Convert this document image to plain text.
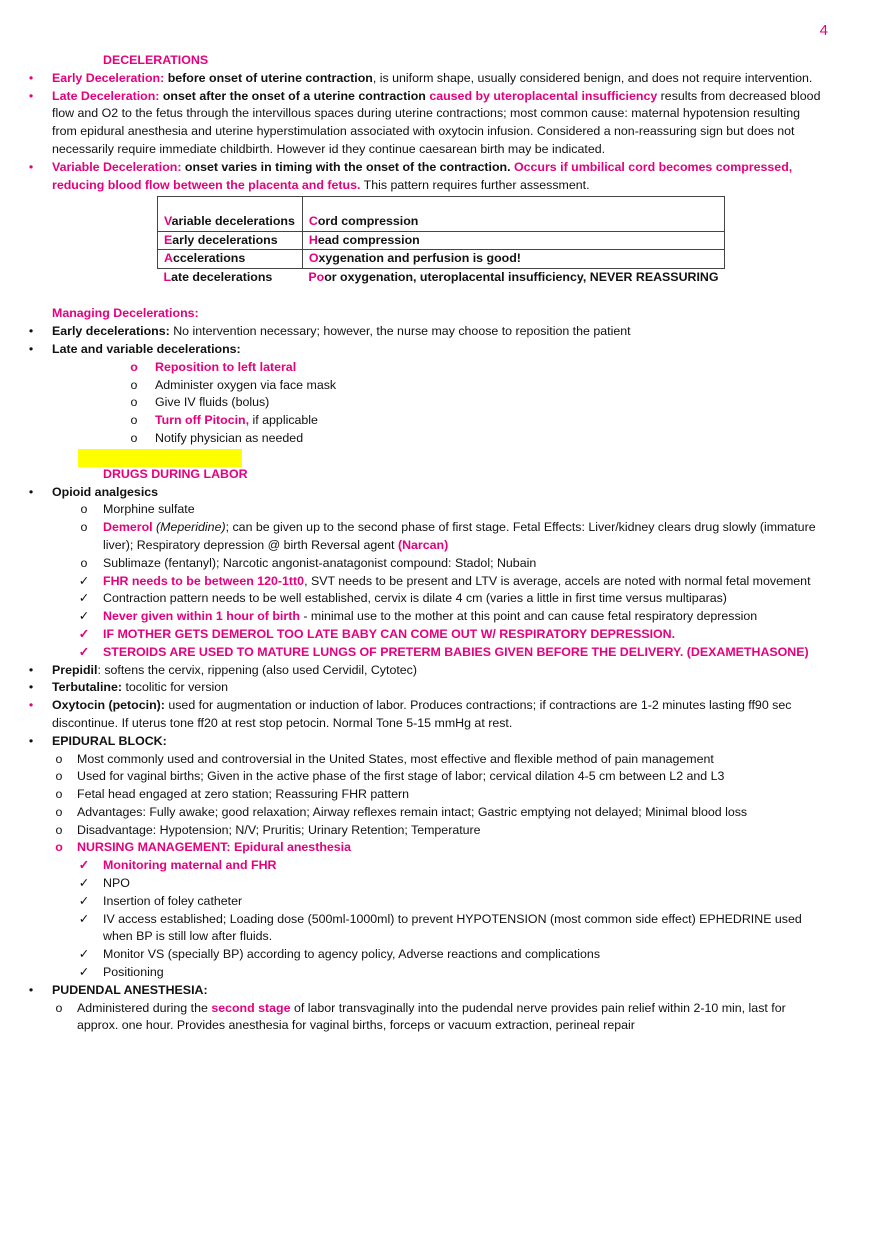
4
DECELERATIONS
•	Early Deceleration: before onset of uterine contraction, is uniform shape, usually considered benign, and does not require intervention.
•	Late Deceleration: onset after the onset of a uterine contraction caused by uteroplacental insufﬁciency results from decreased blood flow and O2 to the fetus through the intervillous spaces during uterine contractions; most common cause: maternal hypotension resulting from epidural anesthesia and uterine hyperstimulation associated with oxytocin infusion. Considered a non-reassuring sign but does not necessarily require immediate childbirth. However id they continue caesarean birth may be indicated.
•	Variable Deceleration: onset varies in timing with the onset of the contraction. Occurs if umbilical cord becomes compressed, reducing blood flow between the placenta and fetus. This pattern requires further assessment.
Variable decelerations	Cord compression
Early decelerations	Head compression
Accelerations	Oxygenation and perfusion is good!
Late decelerations	Poor oxygenation, uteroplacental insufﬁciency, NEVER REASSURING
Managing Decelerations:
•	Early decelerations: No intervention necessary; however, the nurse may choose to reposition the patient
•	Late and variable decelerations:
o Reposition to left lateral
o Administer oxygen via face mask
o Give IV fluids (bolus)
o Turn off Pitocin, if applicable
o Notify physician as needed
DRUGS DURING LABOR
•	Opioid analgesics
o Morphine sulfate
o Demerol (Meperidine); can be given up to the second phase of first stage. Fetal Effects: Liver/kidney clears drug slowly (immature liver); Respiratory depression @ birth Reversal agent (Narcan)
o Sublimaze (fentanyl); Narcotic angonist-anatagonist compound: Stadol; Nubain
✓ FHR needs to be between 120-1tt0, SVT needs to be present and LTV is average, accels are noted with normal fetal movement
✓ Contraction pattern needs to be well established, cervix is dilate 4 cm (varies a little in first time versus multiparas)
✓ Never given within 1 hour of birth - minimal use to the mother at this point and can cause fetal respiratory depression
✓ IF MOTHER GETS DEMEROL TOO LATE BABY CAN COME OUT W/ RESPIRATORY DEPRESSION.
✓ STEROIDS ARE USED TO MATURE LUNGS OF PRETERM BABIES GIVEN BEFORE THE DELIVERY. (DEXAMETHASONE)
•	Prepidil: softens the cervix, rippening (also used Cervidil, Cytotec)
•	Terbutaline: tocolitic for version
•	Oxytocin (petocin): used for augmentation or induction of labor. Produces contractions; if contractions are 1-2 minutes lasting ff90 sec discontinue. If uterus tone ff20 at rest stop petocin. Normal Tone 5-15 mmHg at rest.
•	EPIDURAL BLOCK:
o Most commonly used and controversial in the United States, most effective and flexible method of pain management
o Used for vaginal births; Given in the active phase of the first stage of labor; cervical dilation 4-5 cm between L2 and L3
o Fetal head engaged at zero station; Reassuring FHR pattern
o Advantages: Fully awake; good relaxation; Airway reflexes remain intact; Gastric emptying not delayed; Minimal blood loss
o Disadvantage: Hypotension; N/V; Pruritis; Urinary Retention; Temperature
o NURSING MANAGEMENT: Epidural anesthesia
✓ Monitoring maternal and FHR
✓ NPO
✓ Insertion of foley catheter
✓ IV access established; Loading dose (500ml-1000ml) to prevent HYPOTENSION (most common side effect) EPHEDRINE used when BP is still low after fluids.
✓ Monitor VS (specially BP) according to agency policy, Adverse reactions and complications
✓ Positioning
•	PUDENDAL ANESTHESIA:
o Administered during the second stage of labor transvaginally into the pudendal nerve provides pain relief within 2-10 min, last for approx. one hour. Provides anesthesia for vaginal births, forceps or vacuum extraction, perineal repair
